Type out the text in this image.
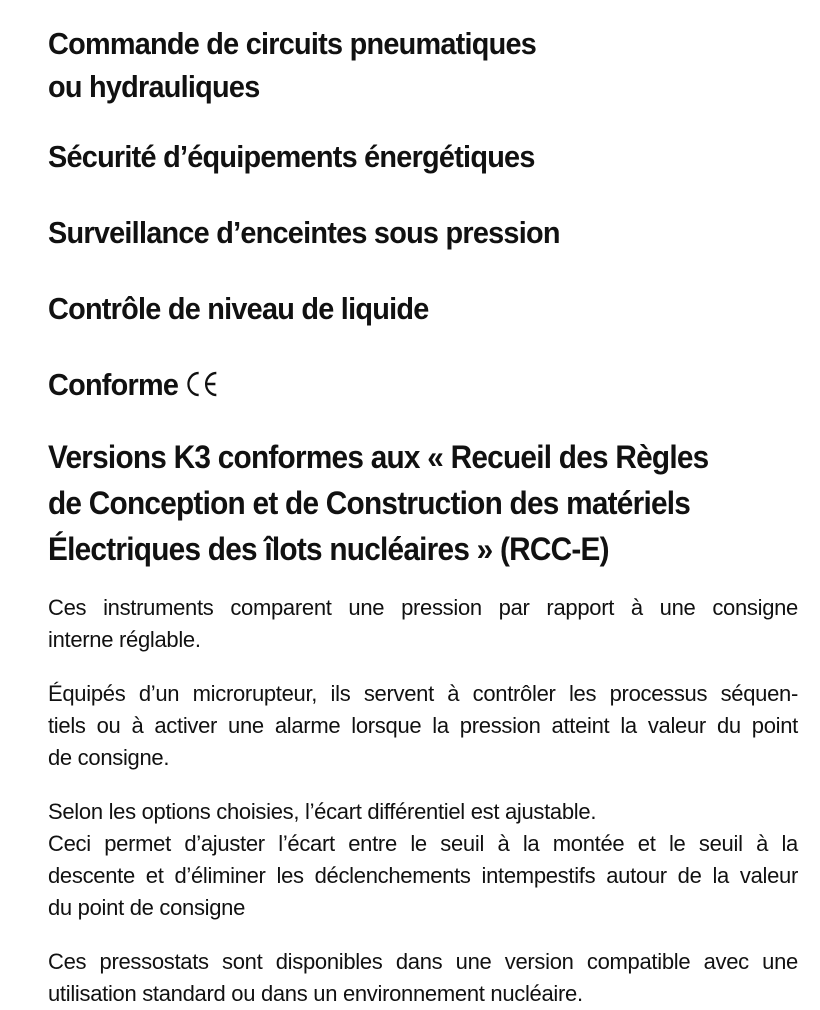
Commande de circuits pneumatiques
ou hydrauliques
Sécurité d’équipements énergétiques
Surveillance d’enceintes sous pression
Contrôle de niveau de liquide
Conforme
Versions K3 conformes aux « Recueil des Règles
de Conception et de Construction des matériels
Électriques des îlots nucléaires » (RCC-E)

Ces instruments comparent une pression par rapport à une consigne
interne réglable.

Équipés d’un microrupteur, ils servent à contrôler les processus séquen-
tiels ou à activer une alarme lorsque la pression atteint la valeur du point
de consigne.

Selon les options choisies, l’écart différentiel est ajustable.
Ceci permet d’ajuster l’écart entre le seuil à la montée et le seuil à la
descente et d’éliminer les déclenchements intempestifs autour de la valeur
du point de consigne

Ces pressostats sont disponibles dans une version compatible avec une
utilisation standard ou dans un environnement nucléaire.
